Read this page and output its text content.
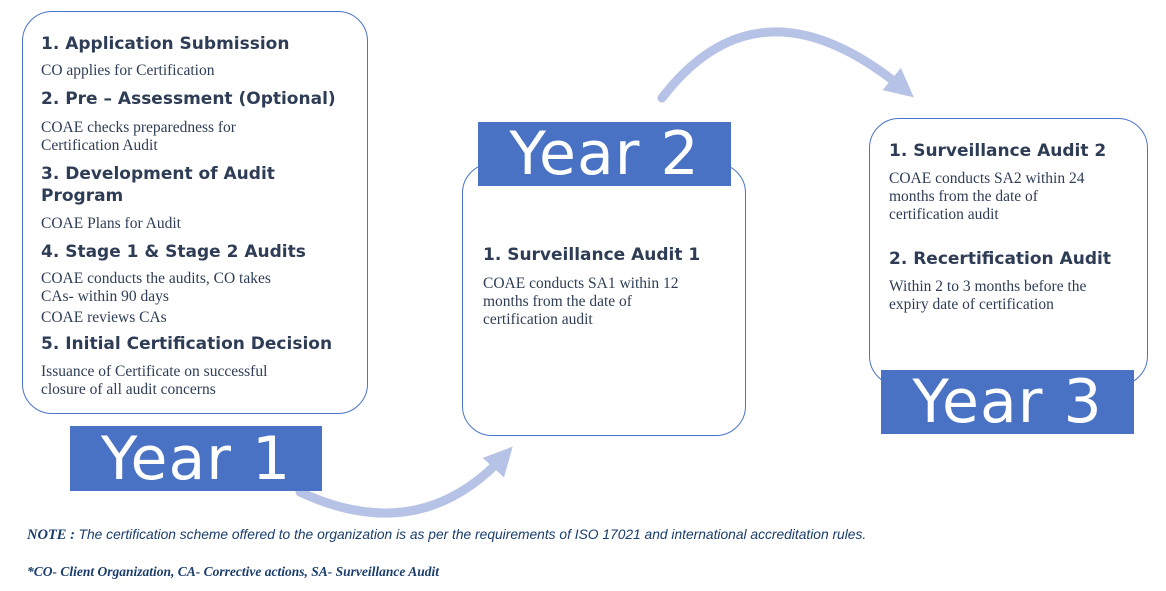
1. Application Submission

CO applies for Certification

2. Pre – Assessment (Optional)

COAE checks preparedness for

Certification Audit

3. Development of Audit Program

COAE Plans for Audit

4. Stage 1 & Stage 2 Audits

COAE conducts the audits, CO takes

CAs- within 90 days

COAE reviews CAs

5. Initial Certification Decision

Issuance of Certificate on successful

closure of all audit concerns

Year 1

1. Surveillance Audit 1

COAE conducts SA1 within 12

months from the date of

certification audit

Year 2	1. Surveillance Audit 2

COAE conducts SA2 within 24

months from the date of

certification audit

2. Recertification Audit

Within 2 to 3 months before the

expiry date of certification

Year 3
NOTE : The certification scheme offered to the organization is as per the requirements of ISO 17021 and international accreditation rules.
*CO- Client Organization, CA- Corrective actions, SA- Surveillance Audit
